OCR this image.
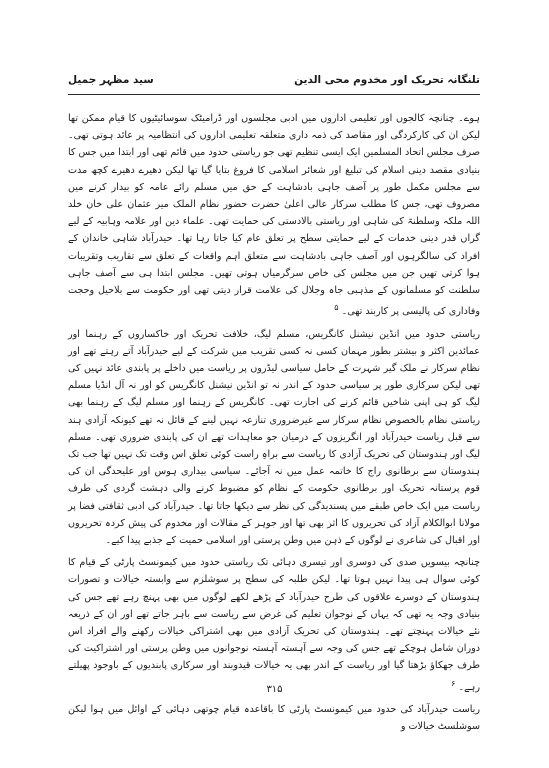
تلنگانہ تحریک اور مخدوم محی الدین
سید مظہر جمیل

ہوے۔ چنانچہ کالجوں اور تعلیمی اداروں میں ادبی مجلسوں اور ڈرامیٹک سوسائیٹیوں کا قیام ممکن تھا لیکن ان کی کارکردگی اور مقاصد کی ذمہ داری متعلقہ تعلیمی اداروں کی انتظامیہ پر عائد ہوتی تھی۔ صرف مجلس اتحاد المسلمین ایک ایسی تنظیم تھی جو ریاستی حدود میں قائم تھی اور ابتدا میں جس کا بنیادی مقصد دینی اسلام کی تبلیغ اور شعائر اسلامی کا فروغ بتایا گیا تھا لیکن دھیرے دھیرے کچھ مدت سے مجلس مکمل طور پر آصف جاہی بادشاہت کے حق میں مسلم رائے عامہ کو بیدار کرنے میں مصروف تھی، جس کا مطلب سرکار عالی اعلیٰ حضرت حضور نظام الملک میر عثمان علی خان خلد اللہ ملکہ وسلطنۃ کی شاہی اور ریاستی بالادستی کی حمایت تھی۔ علماء دین اور علامہ وہابیہ کے لیے گراں قدر دینی خدمات کے لیے حمایتی سطح پر تعلق عام کیا جاتا رہا تھا۔ حیدرآباد شاہی خاندان کے افراد کی سالگرہوں اور آصف جاہی بادشاہت سے متعلق اہم واقعات کے تعلق سے تقاریب وتقریبات ہوا کرتی تھیں جن میں مجلس کی خاص سرگرمیاں ہوتی تھیں۔ مجلس ابتدا ہی سے آصف جاہی سلطنت کو مسلمانوں کے مذہبی جاہ وجلال کی علامت قرار دیتی تھی اور حکومت سے بلاحیل وحجت وفاداری کی پالیسی پر کاربند تھی۔ $^۵$

ریاستی حدود میں انڈین نیشنل کانگریس، مسلم لیگ، خلافت تحریک اور خاکساروں کے رہنما اور عمائدین اکثر و بیشتر بطور مہمان کسی نہ کسی تقریب میں شرکت کے لیے حیدرآباد آتے رہتے تھے اور نظام سرکار نے ملک گیر شہرت کے حامل سیاسی لیڈروں پر ریاست میں داخلے پر پابندی عائد نہیں کی تھی لیکن سرکاری طور پر سیاسی حدود کے اندر نہ تو انڈین نیشنل کانگریس کو اور نہ آل انڈیا مسلم لیگ کو ہی اپنی شاخیں قائم کرنے کی اجازت تھی۔ کانگریس کے رہنما اور مسلم لیگ کے رہنما بھی ریاستی نظام بالخصوص نظام سرکار سے غیرضروری تنازعہ نہیں لینے کے قائل نہ تھے کیونکہ آزادی ہند سے قبل ریاست حیدرآباد اور انگریزوں کے درمیان جو معاہدات تھے ان کی پابندی ضروری تھی۔ مسلم لیگ اور ہندوستان کی تحریک آزادی کا ریاست سے براہِ راست کوئی تعلق اس وقت تک نہیں تھا جب تک ہندوستان سے برطانوی راج کا خاتمہ عمل میں نہ آجائے۔ سیاسی بیداری ہوس اور علیحدگی ان کی قوم پرستانہ تحریک اور برطانوی حکومت کے نظام کو مضبوط کرنے والی دہشت گردی کی طرف ریاست میں ایک خاص طبقے میں پسندیدگی کی نظر سے دیکھا جاتا تھا۔ حیدرآباد کی ادبی ثقافتی فضا پر مولانا ابوالکلام آزاد کی تحریروں کا اثر بھی تھا اور جوہر کے مقالات اور مخدوم کی پیش کردہ تحریروں اور اقبال کی شاعری نے لوگوں کے ذہن میں وطن پرستی اور اسلامی حمیت کے جذبے پیدا کیے۔

چنانچہ بیسویں صدی کی دوسری اور تیسری دہائی تک ریاستی حدود میں کیمونسٹ پارٹی کے قیام کا کوئی سوال ہی پیدا نہیں ہوتا تھا۔ لیکن طلبہ کی سطح پر سوشلزم سے وابستہ خیالات و تصورات ہندوستان کے دوسرے علاقوں کی طرح حیدرآباد کے پڑھے لکھے لوگوں میں بھی پہنچ رہے تھے جس کی بنیادی وجہ یہ تھی کہ یہاں کے نوجوان تعلیم کی غرض سے ریاست سے باہر جاتے تھے اور ان کے ذریعہ نئے خیالات پہنچتے تھے۔ ہندوستان کی تحریک آزادی میں بھی اشتراکی خیالات رکھنے والے افراد اس دوران شامل ہوچکے تھے جس کی وجہ سے آہستہ آہستہ نوجوانوں میں وطن پرستی اور اشتراکیت کی طرف جھکاؤ بڑھتا گیا اور ریاست کے اندر بھی یہ خیالات قیدوبند اور سرکاری پابندیوں کے باوجود پھیلتے رہے۔ $^۶$

ریاست حیدرآباد کی حدود میں کیمونسٹ پارٹی کا باقاعدہ قیام چوتھی دہائی کے اوائل میں ہوا لیکن سوشلسٹ خیالات و

۳۱۵
